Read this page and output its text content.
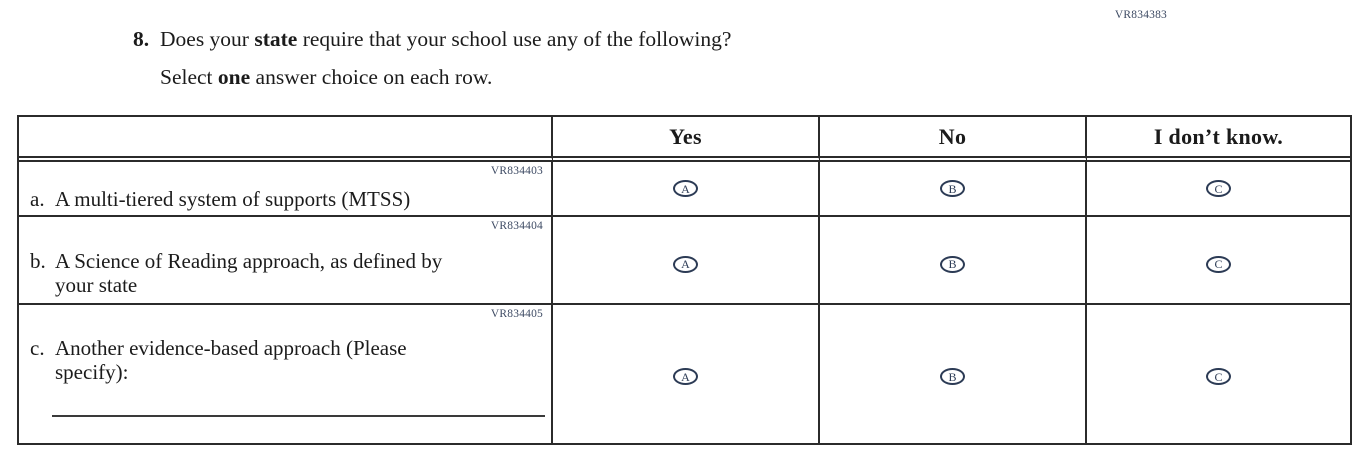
VR834383
8. Does your state require that your school use any of the following?
Select one answer choice on each row.
Yes	No	I don’t know.
VR834403
a. A multi-tiered system of supports (MTSS)	A	B	C
VR834404
b. A Science of Reading approach, as defined by
your state
A	B	C
VR834405
c. Another evidence-based approach (Please
specify):	A	B	C
